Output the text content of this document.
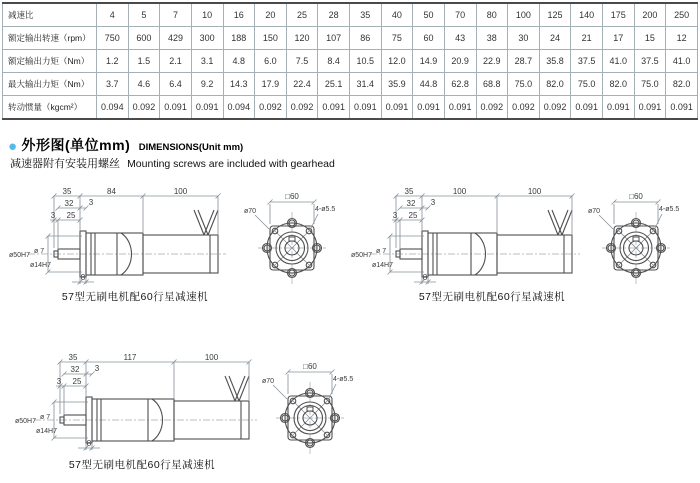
减速比	4	5	7	10	16	20	25	28	35	40	50	70	80	100	125	140	175	200	250
额定输出转速（rpm）	750	600	429	300	188	150	120	107	86	75	60	43	38	30	24	21	17	15	12
额定输出力矩（Nm）	1.2	1.5	2.1	3.1	4.8	6.0	7.5	8.4	10.5	12.0	14.9	20.9	22.9	28.7	35.8	37.5	41.0	37.5	41.0
最大输出力矩（Nm）	3.7	4.6	6.4	9.2	14.3	17.9	22.4	25.1	31.4	35.9	44.8	62.8	68.8	75.0	82.0	75.0	82.0	75.0	82.0
转动惯量（kgcm²）	0.094	0.092	0.091	0.091	0.094	0.092	0.092	0.091	0.091	0.091	0.091	0.091	0.092	0.092	0.092	0.091	0.091	0.091	0.091
● 外形图(单位mm) DIMENSIONS(Unit mm)
减速器附有安装用螺丝 Mounting screws are included with gearhead
35	84	100
32 3
3 25
ø50H7
ø 7
ø14H7
8
□60
ø70	4-ø5.5
35	100	100
32 3
3 25
ø50H7
ø 7
ø14H7
8
□60
ø70	4-ø5.5
35	117	100
32 3
3 25
ø50H7
ø 7
ø14H7
8
□60
ø70	4-ø5.5
57型无刷电机配60行星减速机	57型无刷电机配60行星减速机
57型无刷电机配60行星减速机
